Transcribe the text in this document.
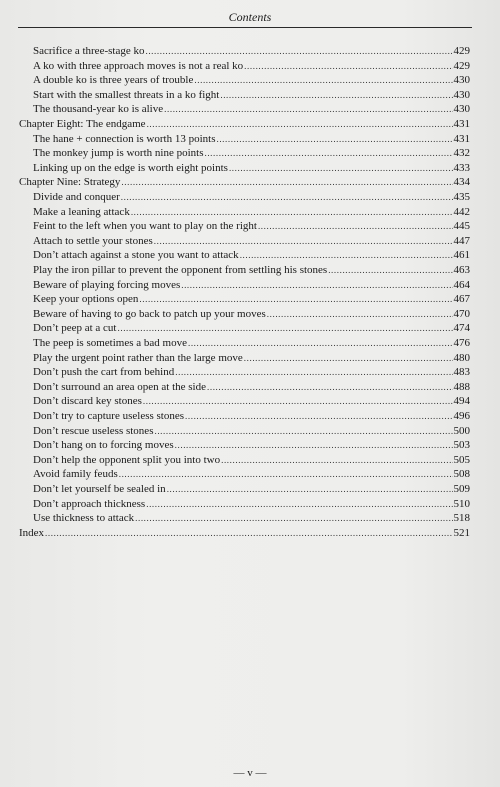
Contents
Sacrifice a three-stage ko .....	429
A ko with three approach moves is not a real ko .....	429
A double ko is three years of trouble .....	430
Start with the smallest threats in a ko fight .....	430
The thousand-year ko is alive .....	430
Chapter Eight: The endgame .....	431
The hane + connection is worth 13 points .....	431
The monkey jump is worth nine points .....	432
Linking up on the edge is worth eight points .....	433
Chapter Nine: Strategy .....	434
Divide and conquer .....	435
Make a leaning attack .....	442
Feint to the left when you want to play on the right .....	445
Attach to settle your stones .....	447
Don’t attach against a stone you want to attack .....	461
Play the iron pillar to prevent the opponent from settling his stones .....	463
Beware of playing forcing moves .....	464
Keep your options open .....	467
Beware of having to go back to patch up your moves .....	470
Don’t peep at a cut .....	474
The peep is sometimes a bad move .....	476
Play the urgent point rather than the large move .....	480
Don’t push the cart from behind .....	483
Don’t surround an area open at the side .....	488
Don’t discard key stones .....	494
Don’t try to capture useless stones .....	496
Don’t rescue useless stones .....	500
Don’t hang on to forcing moves .....	503
Don’t help the opponent split you into two .....	505
Avoid family feuds .....	508
Don’t let yourself be sealed in .....	509
Don’t approach thickness .....	510
Use thickness to attack .....	518
Index .....	521
— v —
